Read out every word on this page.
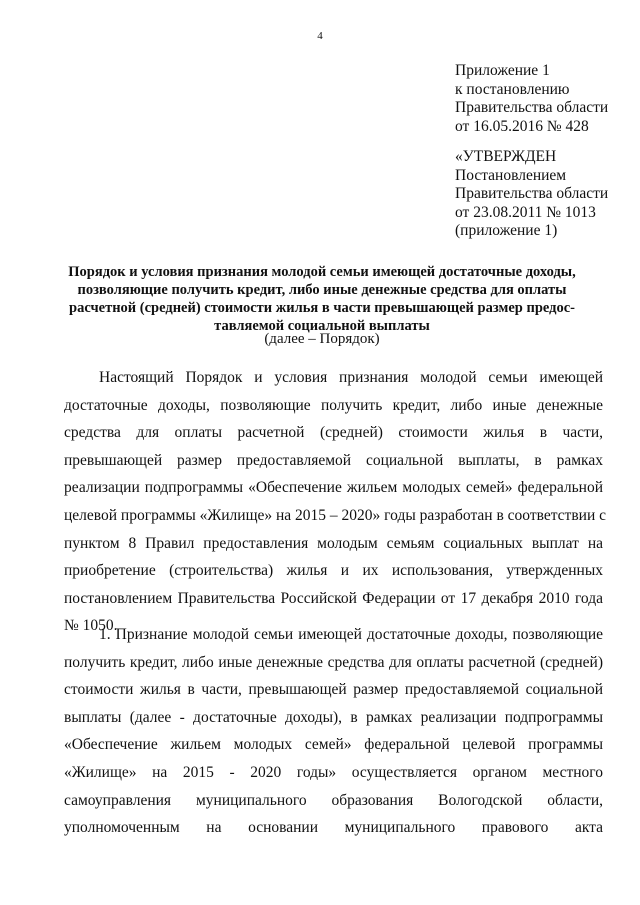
4
Приложение 1
к постановлению
Правительства области
от 16.05.2016 № 428
«УТВЕРЖДЕН
Постановлением
Правительства области
от 23.08.2011 № 1013
(приложение 1)
Порядок и условия признания молодой семьи имеющей достаточные доходы,
позволяющие получить кредит, либо иные денежные средства для оплаты
расчетной (средней) стоимости жилья в части превышающей размер предос-
тавляемой социальной выплаты
(далее – Порядок)
Настоящий Порядок и условия признания молодой семьи имеющей
достаточные доходы, позволяющие получить кредит, либо иные денежные
средства для оплаты расчетной (средней) стоимости жилья в части,
превышающей размер предоставляемой социальной выплаты, в рамках
реализации подпрограммы «Обеспечение жильем молодых семей» федеральной
целевой программы «Жилище» на 2015 – 2020» годы разработан в соответствии с
пунктом 8 Правил предоставления молодым семьям социальных выплат на
приобретение (строительства) жилья и их использования, утвержденных
постановлением Правительства Российской Федерации от 17 декабря 2010 года
№ 1050.
1. Признание молодой семьи имеющей достаточные доходы, позволяющие
получить кредит, либо иные денежные средства для оплаты расчетной (средней)
стоимости жилья в части, превышающей размер предоставляемой социальной
выплаты (далее - достаточные доходы), в рамках реализации подпрограммы
«Обеспечение жильем молодых семей» федеральной целевой программы
«Жилище» на 2015 - 2020 годы» осуществляется органом местного
самоуправления муниципального образования Вологодской области,
уполномоченным на основании муниципального правового акта
